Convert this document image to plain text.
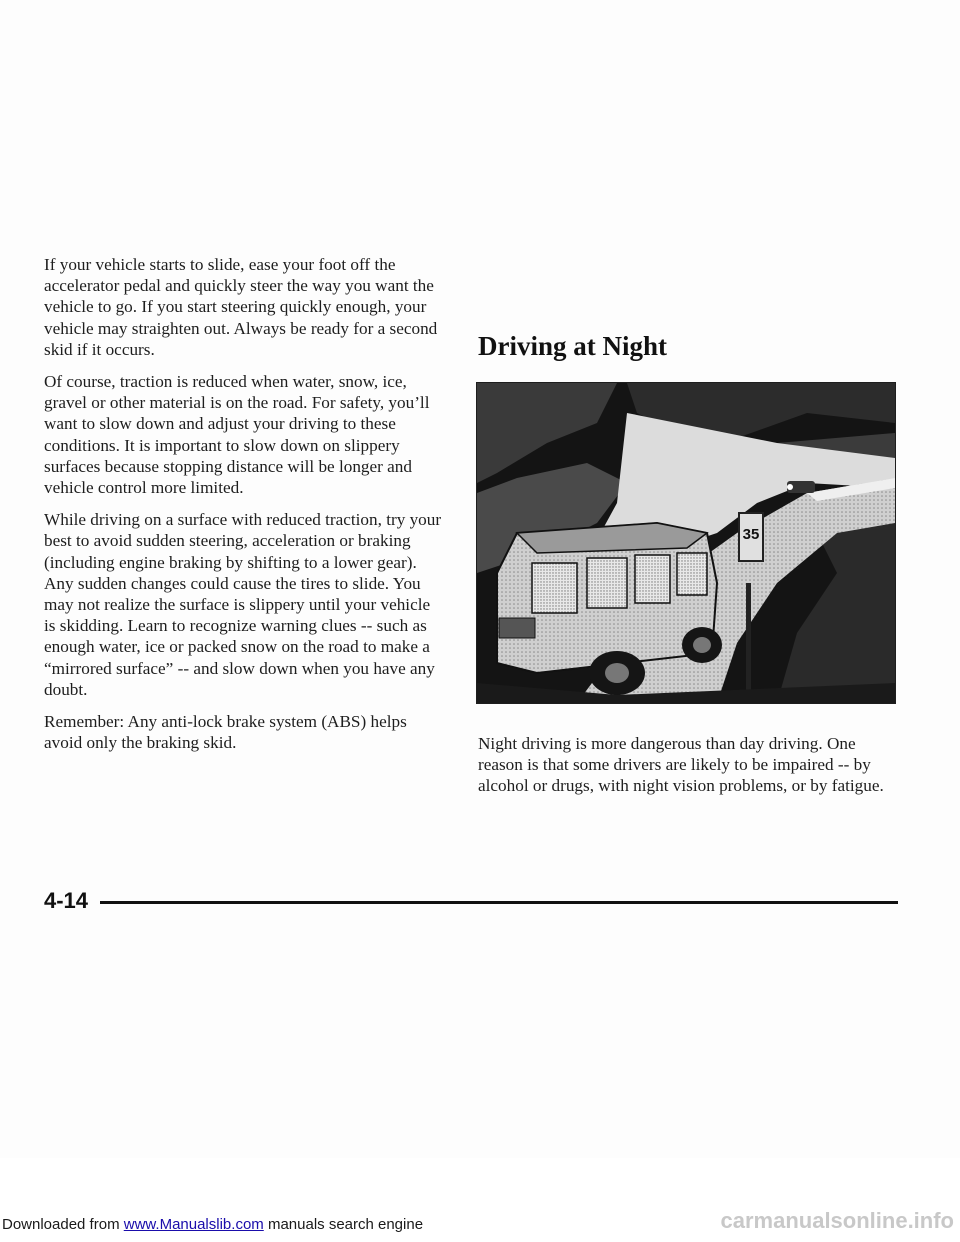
If your vehicle starts to slide, ease your foot off the accelerator pedal and quickly steer the way you want the vehicle to go. If you start steering quickly enough, your vehicle may straighten out. Always be ready for a second skid if it occurs.

Of course, traction is reduced when water, snow, ice, gravel or other material is on the road. For safety, you’ll want to slow down and adjust your driving to these conditions. It is important to slow down on slippery surfaces because stopping distance will be longer and vehicle control more limited.

While driving on a surface with reduced traction, try your best to avoid sudden steering, acceleration or braking (including engine braking by shifting to a lower gear). Any sudden changes could cause the tires to slide. You may not realize the surface is slippery until your vehicle is skidding. Learn to recognize warning clues -- such as enough water, ice or packed snow on the road to make a “mirrored surface” -- and slow down when you have any doubt.

Remember: Any anti-lock brake system (ABS) helps avoid only the braking skid.

Driving at Night
35

Night driving is more dangerous than day driving. One reason is that some drivers are likely to be impaired -- by alcohol or drugs, with night vision problems, or by fatigue.

4-14
Downloaded from www.Manualslib.com manuals search engine	carmanualsonline.info
